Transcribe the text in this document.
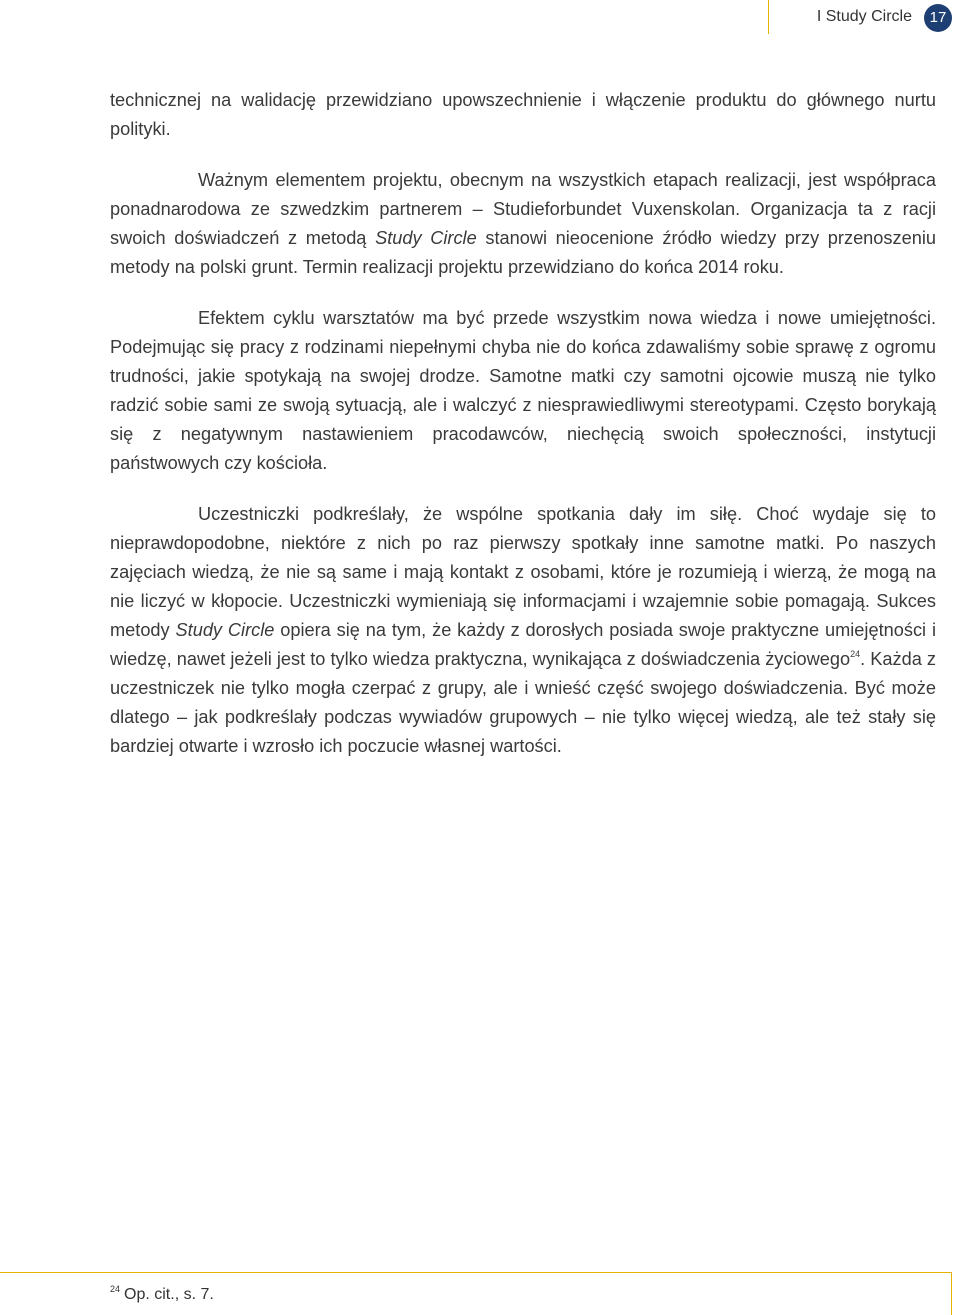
I Study Circle	17

technicznej na walidację przewidziano upowszechnienie i włączenie produktu do głównego nurtu polityki.

Ważnym elementem projektu, obecnym na wszystkich etapach realizacji, jest współpraca ponadnarodowa ze szwedzkim partnerem – Studieforbundet Vuxenskolan. Organizacja ta z racji swoich doświadczeń z metodą Study Circle stanowi nieocenione źródło wiedzy przy przenoszeniu metody na polski grunt. Termin realizacji projektu przewidziano do końca 2014 roku.

Efektem cyklu warsztatów ma być przede wszystkim nowa wiedza i nowe umiejętności. Podejmując się pracy z rodzinami niepełnymi chyba nie do końca zdawaliśmy sobie sprawę z ogromu trudności, jakie spotykają na swojej drodze. Samotne matki czy samotni ojcowie muszą nie tylko radzić sobie sami ze swoją sytuacją, ale i walczyć z niesprawiedliwymi stereotypami. Często borykają się z negatywnym nastawieniem pracodawców, niechęcią swoich społeczności, instytucji państwowych czy kościoła.

Uczestniczki podkreślały, że wspólne spotkania dały im siłę. Choć wydaje się to nieprawdopodobne, niektóre z nich po raz pierwszy spotkały inne samotne matki. Po naszych zajęciach wiedzą, że nie są same i mają kontakt z osobami, które je rozumieją i wierzą, że mogą na nie liczyć w kłopocie. Uczestniczki wymieniają się informacjami i wzajemnie sobie pomagają. Sukces metody Study Circle opiera się na tym, że każdy z dorosłych posiada swoje praktyczne umiejętności i wiedzę, nawet jeżeli jest to tylko wiedza praktyczna, wynikająca z doświadczenia życiowego$^{24}$. Każda z uczestniczek nie tylko mogła czerpać z grupy, ale i wnieść część swojego doświadczenia. Być może dlatego – jak podkreślały podczas wywiadów grupowych – nie tylko więcej wiedzą, ale też stały się bardziej otwarte i wzrosło ich poczucie własnej wartości.

$^{24}$ Op. cit., s. 7.
